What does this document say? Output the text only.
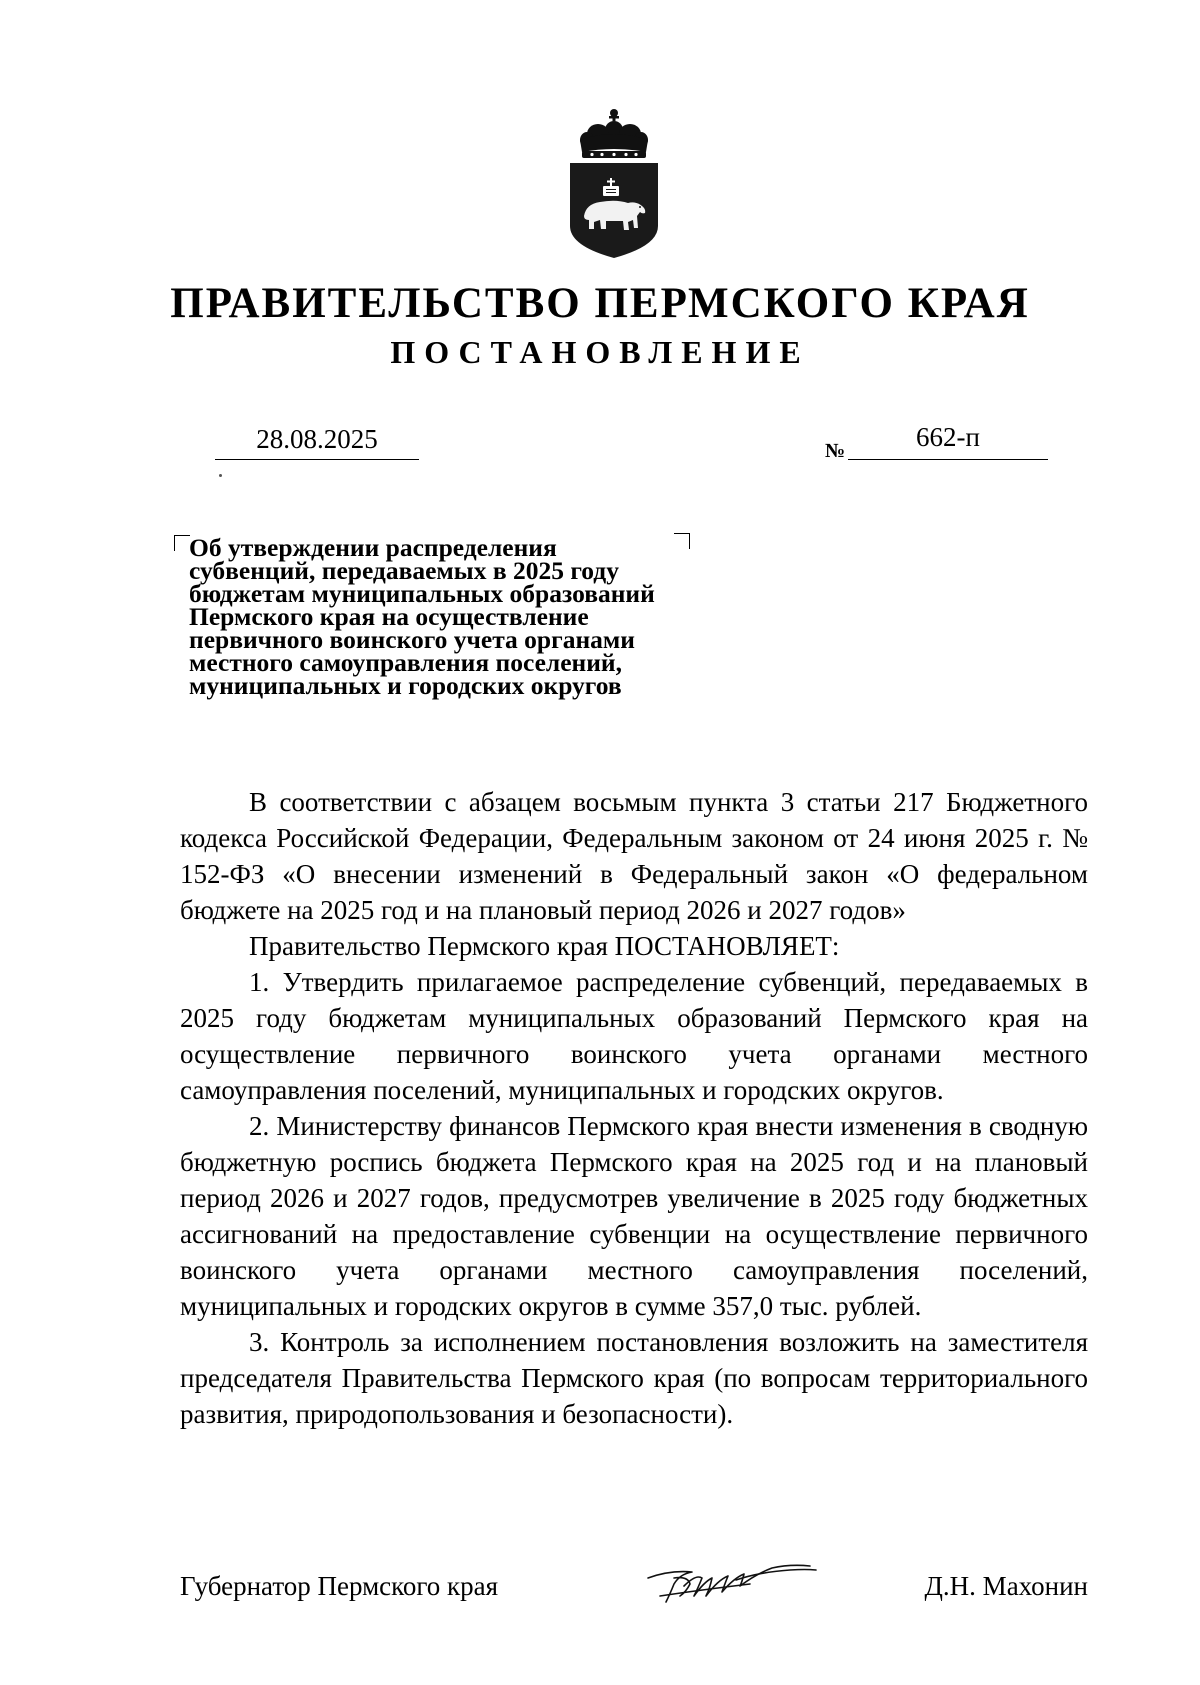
ПРАВИТЕЛЬСТВО ПЕРМСКОГО КРАЯ
ПОСТАНОВЛЕНИЕ
28.08.2025	№	662-п
Об утверждении распределения
субвенций, передаваемых в 2025 году
бюджетам муниципальных образований
Пермского края на осуществление
первичного воинского учета органами
местного самоуправления поселений,
муниципальных и городских округов

В соответствии с абзацем восьмым пункта 3 статьи 217 Бюджетного кодекса Российской Федерации, Федеральным законом от 24 июня 2025 г. № 152-ФЗ «О внесении изменений в Федеральный закон «О федеральном бюджете на 2025 год и на плановый период 2026 и 2027 годов»

Правительство Пермского края ПОСТАНОВЛЯЕТ:

1. Утвердить прилагаемое распределение субвенций, передаваемых в 2025 году бюджетам муниципальных образований Пермского края на осуществление первичного воинского учета органами местного самоуправления поселений, муниципальных и городских округов.

2. Министерству финансов Пермского края внести изменения в сводную бюджетную роспись бюджета Пермского края на 2025 год и на плановый период 2026 и 2027 годов, предусмотрев увеличение в 2025 году бюджетных ассигнований на предоставление субвенции на осуществление первичного воинского учета органами местного самоуправления поселений, муниципальных и городских округов в сумме 357,0 тыс. рублей.

3. Контроль за исполнением постановления возложить на заместителя председателя Правительства Пермского края (по вопросам территориального развития, природопользования и безопасности).

Губернатор Пермского края	Д.Н. Махонин
